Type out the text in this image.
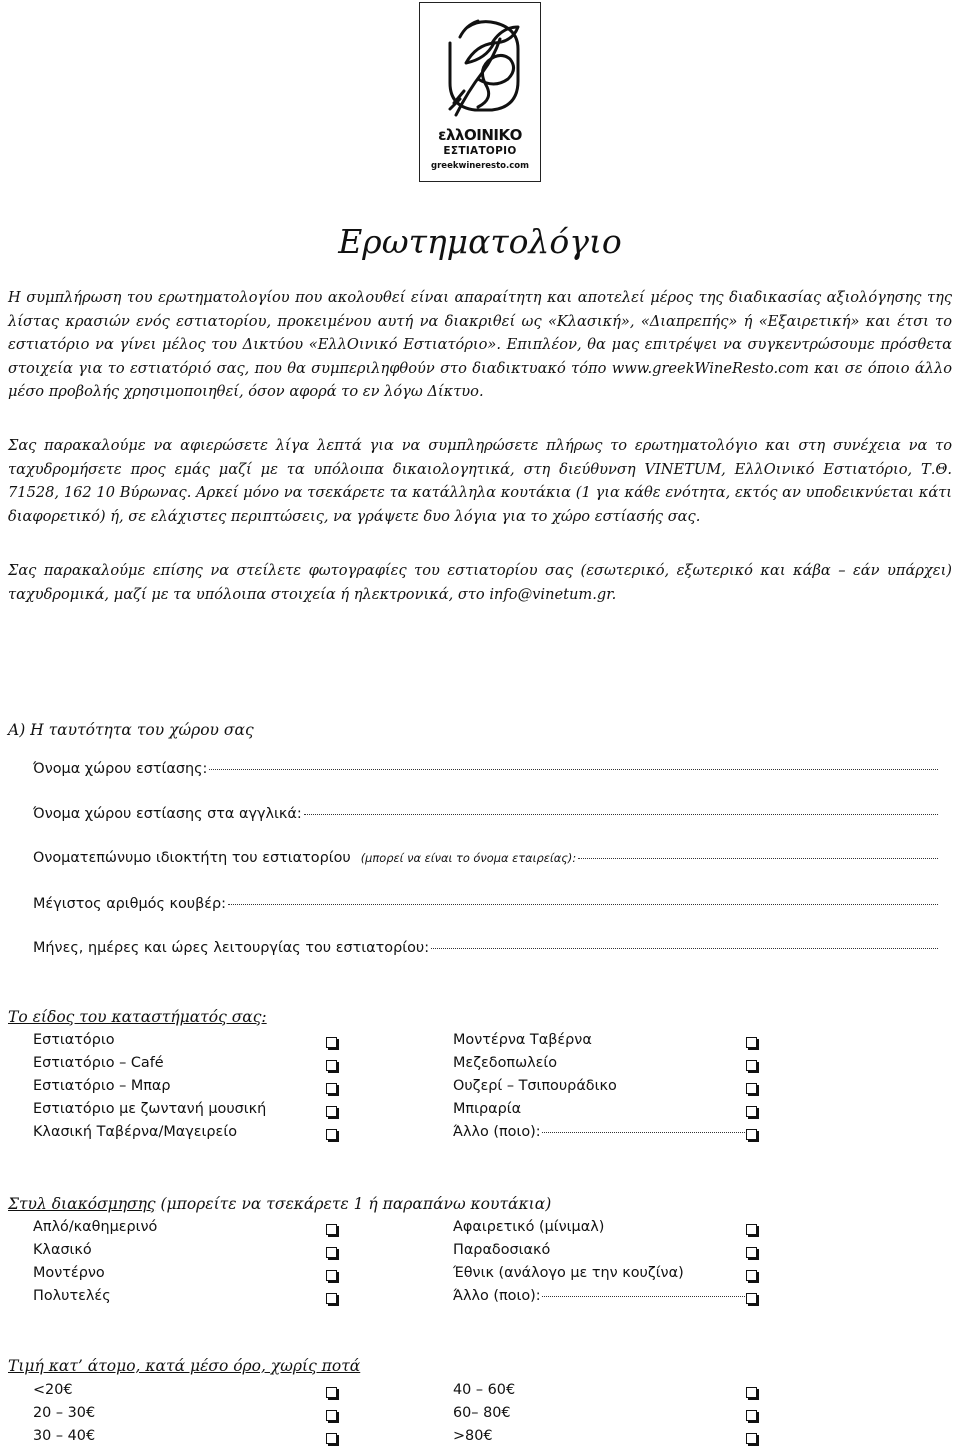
ελλΟΙΝΙΚΟ
ΕΣΤΙΑΤΟΡΙΟ
greekwineresto.com
Ερωτηματολόγιο
Η συμπλήρωση του ερωτηματολογίου που ακολουθεί είναι απαραίτητη και αποτελεί μέρος της διαδικασίας αξιολόγησης της λίστας κρασιών ενός εστιατορίου, προκειμένου αυτή να διακριθεί ως «Κλασική», «Διαπρεπής» ή «Εξαιρετική» και έτσι το εστιατόριο να γίνει μέλος του Δικτύου «ΕλλΟινικό Εστιατόριο». Επιπλέον, θα μας επιτρέψει να συγκεντρώσουμε πρόσθετα στοιχεία για το εστιατόριό σας, που θα συμπεριληφθούν στο διαδικτυακό τόπο www.greekWineResto.com και σε όποιο άλλο μέσο προβολής χρησιμοποιηθεί, όσον αφορά το εν λόγω Δίκτυο.
Σας παρακαλούμε να αφιερώσετε λίγα λεπτά για να συμπληρώσετε πλήρως το ερωτηματολόγιο και στη συνέχεια να το ταχυδρομήσετε προς εμάς μαζί με τα υπόλοιπα δικαιολογητικά, στη διεύθυνση VINETUM, ΕλλΟινικό Εστιατόριο, Τ.Θ. 71528, 162 10 Βύρωνας. Αρκεί μόνο να τσεκάρετε τα κατάλληλα κουτάκια (1 για κάθε ενότητα, εκτός αν υποδεικνύεται κάτι διαφορετικό) ή, σε ελάχιστες περιπτώσεις, να γράψετε δυο λόγια για το χώρο εστίασής σας.
Σας παρακαλούμε επίσης να στείλετε φωτογραφίες του εστιατορίου σας (εσωτερικό, εξωτερικό και κάβα – εάν υπάρχει) ταχυδρομικά, μαζί με τα υπόλοιπα στοιχεία ή ηλεκτρονικά, στο info@vinetum.gr.
Α) Η ταυτότητα του χώρου σας
Όνομα χώρου εστίασης:
Όνομα χώρου εστίασης στα αγγλικά:
Ονοματεπώνυμο ιδιοκτήτη του εστιατορίου (μπορεί να είναι το όνομα εταιρείας):
Μέγιστος αριθμός κουβέρ:
Μήνες, ημέρες και ώρες λειτουργίας του εστιατορίου:
Το είδος του καταστήματός σας:
Εστιατόριο
Εστιατόριο – Café
Εστιατόριο – Μπαρ
Εστιατόριο με ζωντανή μουσική
Κλασική Ταβέρνα/Μαγειρείο
Μοντέρνα Ταβέρνα
Μεζεδοπωλείο
Ουζερί – Τσιπουράδικο
Μπιραρία
Άλλο (ποιο):
Στυλ διακόσμησης (μπορείτε να τσεκάρετε 1 ή παραπάνω κουτάκια)
Απλό/καθημερινό
Κλασικό
Μοντέρνο
Πολυτελές
Αφαιρετικό (μίνιμαλ)
Παραδοσιακό
Έθνικ (ανάλογο με την κουζίνα)
Άλλο (ποιο):
Τιμή κατ’ άτομο, κατά μέσο όρο, χωρίς ποτά
<20€
20 – 30€
30 – 40€
40 – 60€
60– 80€
>80€
